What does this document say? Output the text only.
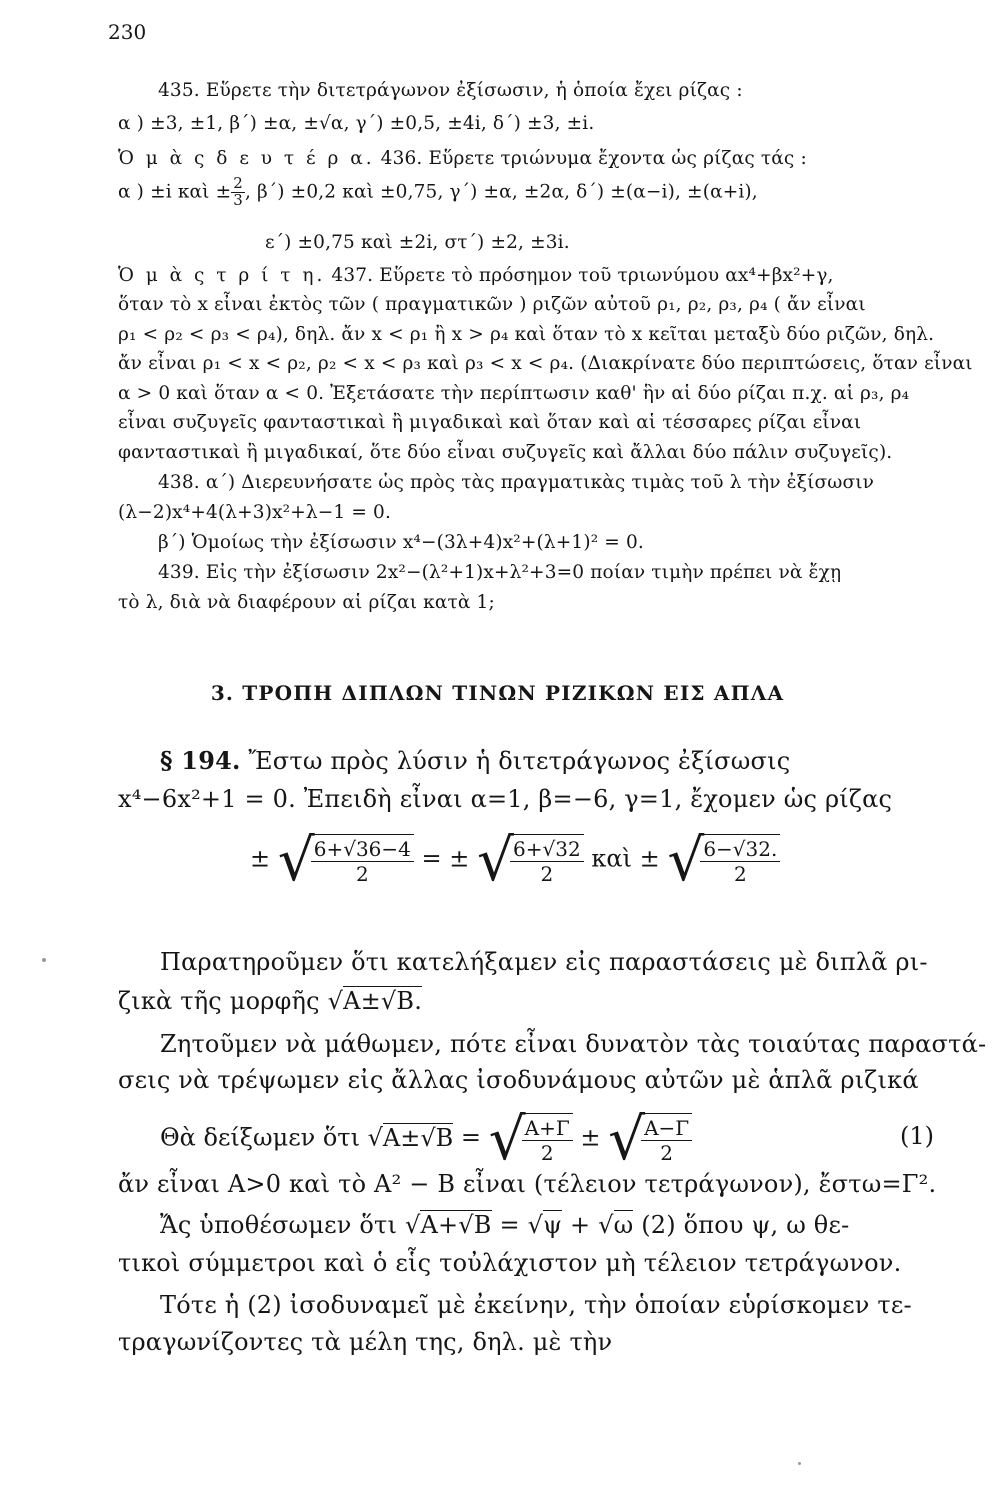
230
435. Εὕρετε τὴν διτετράγωνον ἐξίσωσιν, ἡ ὁποία ἔχει ρίζας :
α ) ±3, ±1, β΄) ±α, ±√α, γ΄) ±0,5, ±4i, δ΄) ±3, ±i.
Ὁ μ ὰ ς δ ε υ τ έ ρ α. 436. Εὕρετε τριώνυμα ἔχοντα ὡς ρίζας τάς :
α ) ±i καὶ ± $\frac{2}{3}$ , β΄) ±0,2 καὶ ±0,75, γ΄) ±α, ±2α, δ΄) ±(α−i), ±(α+i),
ε΄) ±0,75 καὶ ±2i, στ΄) ±2, ±3i.
Ὁ μ ὰ ς τ ρ ί τ η. 437. Εὕρετε τὸ πρόσημον τοῦ τριωνύμου αx⁴+βx²+γ,
ὅταν τὸ x εἶναι ἐκτὸς τῶν ( πραγματικῶν ) ριζῶν αὐτοῦ ρ₁, ρ₂, ρ₃, ρ₄ ( ἄν εἶναι
ρ₁ < ρ₂ < ρ₃ < ρ₄), δηλ. ἄν x < ρ₁ ἢ x > ρ₄ καὶ ὅταν τὸ x κεῖται μεταξὺ δύο ριζῶν, δηλ.
ἄν εἶναι ρ₁ < x < ρ₂, ρ₂ < x < ρ₃ καὶ ρ₃ < x < ρ₄. (Διακρίνατε δύο περιπτώσεις, ὅταν εἶναι
α > 0 καὶ ὅταν α < 0. Ἐξετάσατε τὴν περίπτωσιν καθ' ἣν αἱ δύο ρίζαι π.χ. αἱ ρ₃, ρ₄
εἶναι συζυγεῖς φανταστικαὶ ἢ μιγαδικαὶ καὶ ὅταν καὶ αἱ τέσσαρες ρίζαι εἶναι
φανταστικαὶ ἢ μιγαδικαί, ὅτε δύο εἶναι συζυγεῖς καὶ ἄλλαι δύο πάλιν συζυγεῖς).
438. α΄) Διερευνήσατε ὡς πρὸς τὰς πραγματικὰς τιμὰς τοῦ λ τὴν ἐξίσωσιν
(λ−2)x⁴+4(λ+3)x²+λ−1 = 0.
β΄) Ὁμοίως τὴν ἐξίσωσιν x⁴−(3λ+4)x²+(λ+1)² = 0.
439. Εἰς τὴν ἐξίσωσιν 2x²−(λ²+1)x+λ²+3=0 ποίαν τιμὴν πρέπει νὰ ἔχῃ
τὸ λ, διὰ νὰ διαφέρουν αἱ ρίζαι κατὰ 1;
3. ΤΡΟΠΗ ΔΙΠΛΩΝ ΤΙΝΩΝ ΡΙΖΙΚΩΝ ΕΙΣ ΑΠΛΑ
§ 194. Ἔστω πρὸς λύσιν ἡ διτετράγωνος ἐξίσωσις
x⁴−6x²+1 = 0. Ἐπειδὴ εἶναι α=1, β=−6, γ=1, ἔχομεν ὡς ρίζας
± √
$\frac{6+√36-4}{2}$ = ± √
$\frac{6+√32}{2}$ καὶ ± √
$\frac{6-√32.}{2}$
Παρατηροῦμεν ὅτι κατελήξαμεν εἰς παραστάσεις μὲ διπλᾶ ρι-
ζικὰ τῆς μορφῆς √A±√B.
Ζητοῦμεν νὰ μάθωμεν, πότε εἶναι δυνατὸν τὰς τοιαύτας παραστά-
σεις νὰ τρέψωμεν εἰς ἄλλας ἰσοδυνάμους αὐτῶν μὲ ἁπλᾶ ριζικά
Θὰ δείξωμεν ὅτι √A±√B = √
$\frac{A+\Gamma}{2}$ ± √
$\frac{A-\Gamma}{2}$	(1)
ἄν εἶναι A>0 καὶ τὸ A² − B εἶναι (τέλειον τετράγωνον), ἔστω=Γ².
Ἄς ὑποθέσωμεν ὅτι √A+√B = √ψ + √ω (2) ὅπου ψ, ω θε-
τικοὶ σύμμετροι καὶ ὁ εἷς τοὐλάχιστον μὴ τέλειον τετράγωνον.
Τότε ἡ (2) ἰσοδυναμεῖ μὲ ἐκείνην, τὴν ὁποίαν εὑρίσκομεν τε-
τραγωνίζοντες τὰ μέλη της, δηλ. μὲ τὴν
